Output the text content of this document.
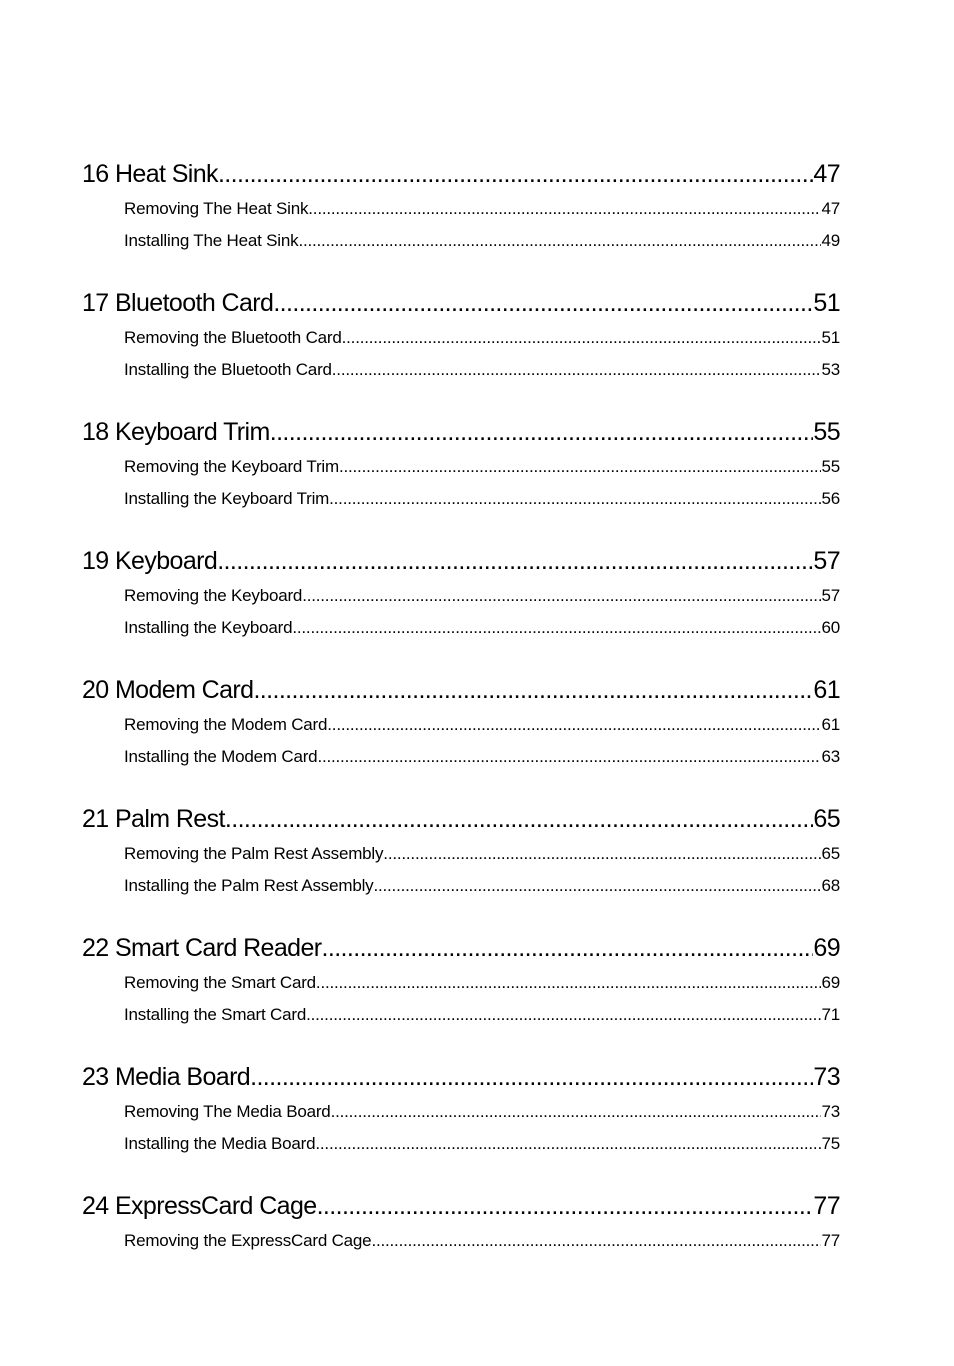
16 Heat Sink .....	47
Removing The Heat Sink .....	47
Installing The Heat Sink .....	49
17 Bluetooth Card .....	51
Removing the Bluetooth Card .....	51
Installing the Bluetooth Card .....	53
18 Keyboard Trim .....	55
Removing the Keyboard Trim .....	55
Installing the Keyboard Trim .....	56
19 Keyboard .....	57
Removing the Keyboard .....	57
Installing the Keyboard .....	60
20 Modem Card .....	61
Removing the Modem Card .....	61
Installing the Modem Card .....	63
21 Palm Rest .....	65
Removing the Palm Rest Assembly .....	65
Installing the Palm Rest Assembly .....	68
22 Smart Card Reader .....	69
Removing the Smart Card .....	69
Installing the Smart Card .....	71
23 Media Board .....	73
Removing The Media Board .....	73
Installing the Media Board .....	75
24 ExpressCard Cage .....	77
Removing the ExpressCard Cage .....	77
